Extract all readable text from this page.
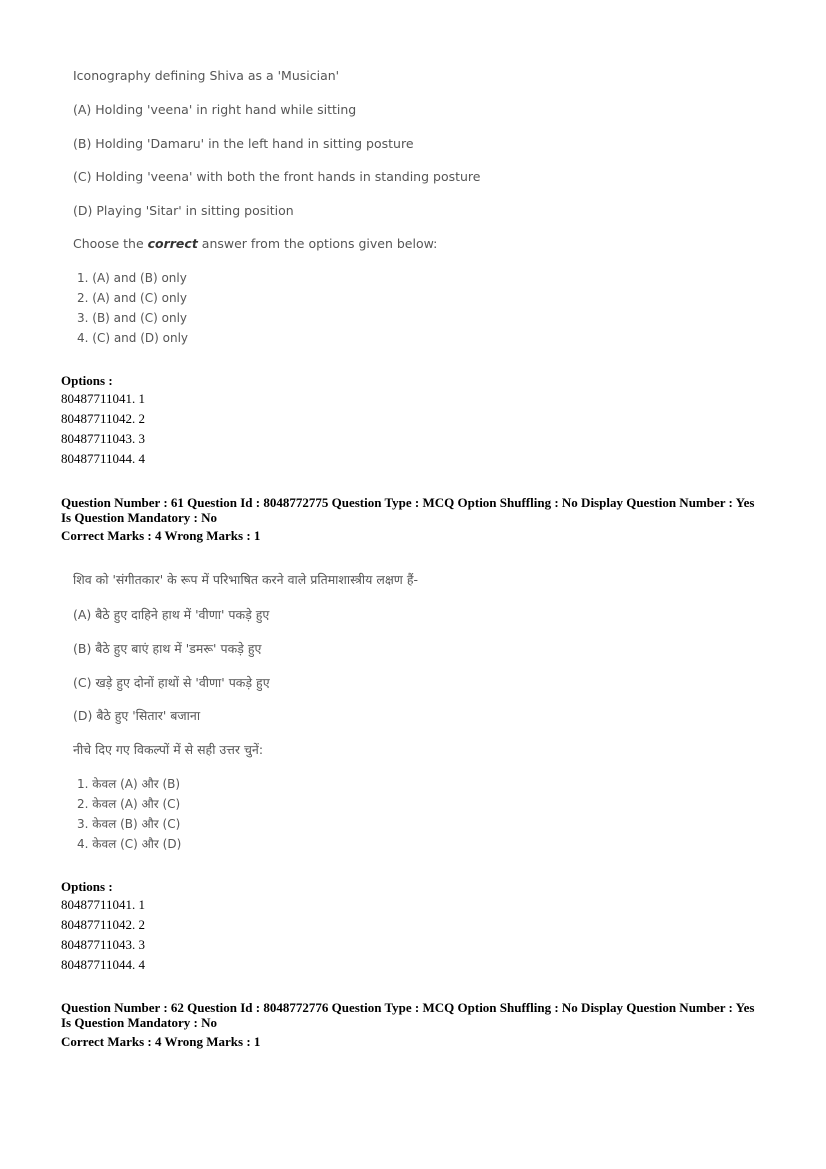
Iconography defining Shiva as a 'Musician'
(A) Holding 'veena' in right hand while sitting
(B) Holding 'Damaru' in the left hand in sitting posture
(C) Holding 'veena' with both the front hands in standing posture
(D) Playing 'Sitar' in sitting position
Choose the correct answer from the options given below:
1. (A) and (B) only
2. (A) and (C) only
3. (B) and (C) only
4. (C) and (D) only
Options :
80487711041. 1
80487711042. 2
80487711043. 3
80487711044. 4
Question Number : 61 Question Id : 8048772775 Question Type : MCQ Option Shuffling : No Display Question Number : Yes
Is Question Mandatory : No
Correct Marks : 4 Wrong Marks : 1
शिव को 'संगीतकार' के रूप में परिभाषित करने वाले प्रतिमाशास्त्रीय लक्षण हैं-
(A) बैठे हुए दाहिने हाथ में 'वीणा' पकड़े हुए
(B) बैठे हुए बाएं हाथ में 'डमरू' पकड़े हुए
(C) खड़े हुए दोनों हाथों से 'वीणा' पकड़े हुए
(D) बैठे हुए 'सितार' बजाना
नीचे दिए गए विकल्पों में से सही उत्तर चुनें:
1. केवल (A) और (B)
2. केवल (A) और (C)
3. केवल (B) और (C)
4. केवल (C) और (D)
Options :
80487711041. 1
80487711042. 2
80487711043. 3
80487711044. 4
Question Number : 62 Question Id : 8048772776 Question Type : MCQ Option Shuffling : No Display Question Number : Yes
Is Question Mandatory : No
Correct Marks : 4 Wrong Marks : 1
